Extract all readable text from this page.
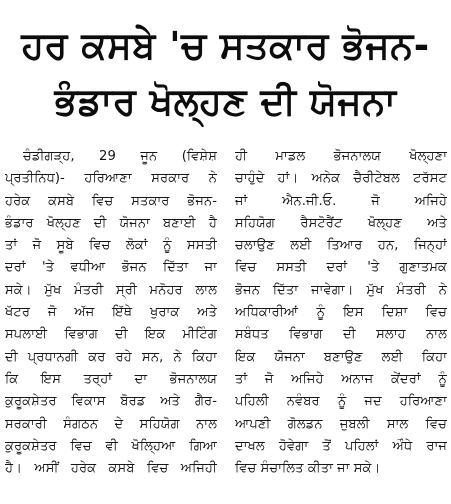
ਹਰ ਕਸਬੇ 'ਚ ਸਤਕਾਰ ਭੋਜਨ-
ਭੰਡਾਰ ਖੋਲ੍ਹਣ ਦੀ ਯੋਜਨਾ
ਚੰਡੀਗੜ੍ਹ, 29 ਜੂਨ (ਵਿਸ਼ੇਸ਼
ਪ੍ਰਤੀਨਿਧ)- ਹਰਿਆਣਾ ਸਰਕਾਰ ਨੇ
ਹਰੇਕ ਕਸਬੇ ਵਿਚ ਸਤਕਾਰ ਭੋਜਨ-
ਭੰਡਾਰ ਖੋਲ੍ਹਣ ਦੀ ਯੋਜਨਾ ਬਣਾਈ ਹੈ
ਤਾਂ ਜੋ ਸੂਬੇ ਵਿਚ ਲੋਕਾਂ ਨੂੰ ਸਸਤੀ
ਦਰਾਂ 'ਤੇ ਵਧੀਆ ਭੋਜਨ ਦਿੱਤਾ ਜਾ
ਸਕੇ। ਮੁੱਖ ਮੰਤਰੀ ਸ੍ਰੀ ਮਨੋਹਰ ਲਾਲ
ਖੱਟਰ ਜੋ ਅੱਜ ਇੱਥੇ ਖੁਰਾਕ ਅਤੇ
ਸਪਲਾਈ ਵਿਭਾਗ ਦੀ ਇਕ ਮੀਟਿੰਗ
ਦੀ ਪ੍ਰਧਾਨਗੀ ਕਰ ਰਹੇ ਸਨ, ਨੇ ਕਿਹਾ
ਕਿ ਇਸ ਤਰ੍ਹਾਂ ਦਾ ਭੋਜਨਾਲਯ
ਕੁਰੂਕਸ਼ੇਤਰ ਵਿਕਾਸ ਬੋਰਡ ਅਤੇ ਗੈਰ-
ਸਰਕਾਰੀ ਸੰਗਠਨ ਦੇ ਸਹਿਯੋਗ ਨਾਲ
ਕੁਰੂਕਸ਼ੇਤਰ ਵਿਚ ਵੀ ਖੋਲ੍ਹਿਆ ਗਿਆ
ਹੈ। ਅਸੀਂ ਹਰੇਕ ਕਸਬੇ ਵਿਚ ਅਜਿਹੀ
ਹੀ ਮਾਡਲ ਭੋਜਨਾਲਯ ਖੋਲ੍ਹਣਾ
ਚਾਹੁੰਦੇ ਹਾਂ। ਅਨੇਕ ਚੈਰੀਟੇਬਲ ਟਰੱਸਟ
ਜਾਂ ਐਨ.ਜੀ.ਓ. ਜੋ ਅਜਿਹੇ
ਸਹਿਯੋਗ ਰੈਸਟੋਰੈਂਟ ਖੋਲ੍ਹਣ ਅਤੇ
ਚਲਾਉਣ ਲਈ ਤਿਆਰ ਹਨ, ਜਿਨ੍ਹਾਂ
ਵਿਚ ਸਸਤੀ ਦਰਾਂ 'ਤੇ ਗੁਣਾਤਮਕ
ਭੋਜਨ ਦਿੱਤਾ ਜਾਵੇਗਾ। ਮੁੱਖ ਮੰਤਰੀ ਨੇ
ਅਧਿਕਾਰੀਆਂ ਨੂੰ ਇਸ ਦਿਸ਼ਾ ਵਿਚ
ਸਬੰਧਤ ਵਿਭਾਗ ਦੀ ਸਲਾਹ ਨਾਲ
ਇਕ ਯੋਜਨਾ ਬਣਾਉਣ ਲਈ ਕਿਹਾ
ਤਾਂ ਜੋ ਅਜਿਹੇ ਅਨਾਜ ਕੇਂਦਰਾਂ ਨੂੰ
ਪਹਿਲੀ ਨਵੰਬਰ ਨੂੰ ਜਦ ਹਰਿਆਣਾ
ਆਪਣੀ ਗੋਲਡਨ ਜੁਬਲੀ ਸਾਲ ਵਿਚ
ਦਾਖਲ ਹੋਵੇਗਾ ਤੋਂ ਪਹਿਲਾਂ ਔਧੇ ਰਾਜ
ਵਿਚ ਸੰਚਾਲਿਤ ਕੀਤਾ ਜਾ ਸਕੇ।
